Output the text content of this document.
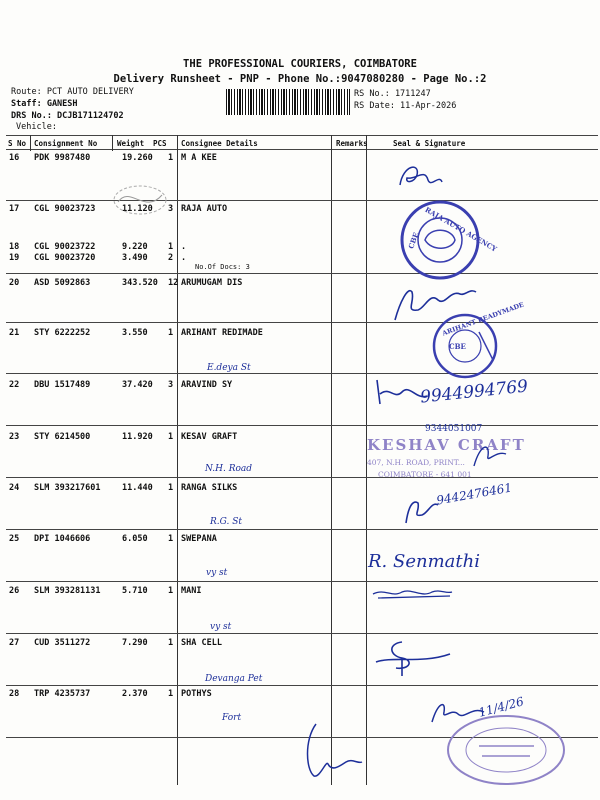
THE PROFESSIONAL COURIERS, COIMBATORE
Delivery Runsheet - PNP - Phone No.:9047080280 - Page No.:2
Route: PCT AUTO DELIVERY
Staff: GANESH
DRS No.: DCJB171124702
Vehicle:
RS No.: 1711247
RS Date: 11-Apr-2026
S No Consignment No	Weight PCS Consignee Details	Remarks	Seal & Signature
16 PDK 9987480	19.260 1 M A KEE
17 CGL 90023723	11.120 3 RAJA AUTO
18 CGL 90023722	9.220 1 .
19 CGL 90023720	3.490 2 .
No.Of Docs: 3
20 ASD 5092863	343.520 12 ARUMUGAM DIS
21 STY 6222252	3.550 1 ARIHANT REDIMADE
22 DBU 1517489	37.420 3 ARAVIND SY
23 STY 6214500	11.920 1 KESAV GRAFT
24 SLM 393217601	11.440 1 RANGA SILKS
25 DPI 1046606	6.050 1 SWEPANA
26 SLM 393281131	5.710 1 MANI
27 CUD 3511272	7.290 1 SHA CELL
28 TRP 4235737	2.370 1 POTHYS
RAJA AUTO AGENCY
CBE
ARIHANT READYMADE
CBE
E.deya St
9944994769
9344051007
KESHAV CRAFT
407, N.H. ROAD, PRINT...
COIMBATORE - 641 001
N.H. Road
9442476461
R.G. St
R. Senmathi
vy st
vy st
Devanga Pet
11/4/26
Fort
